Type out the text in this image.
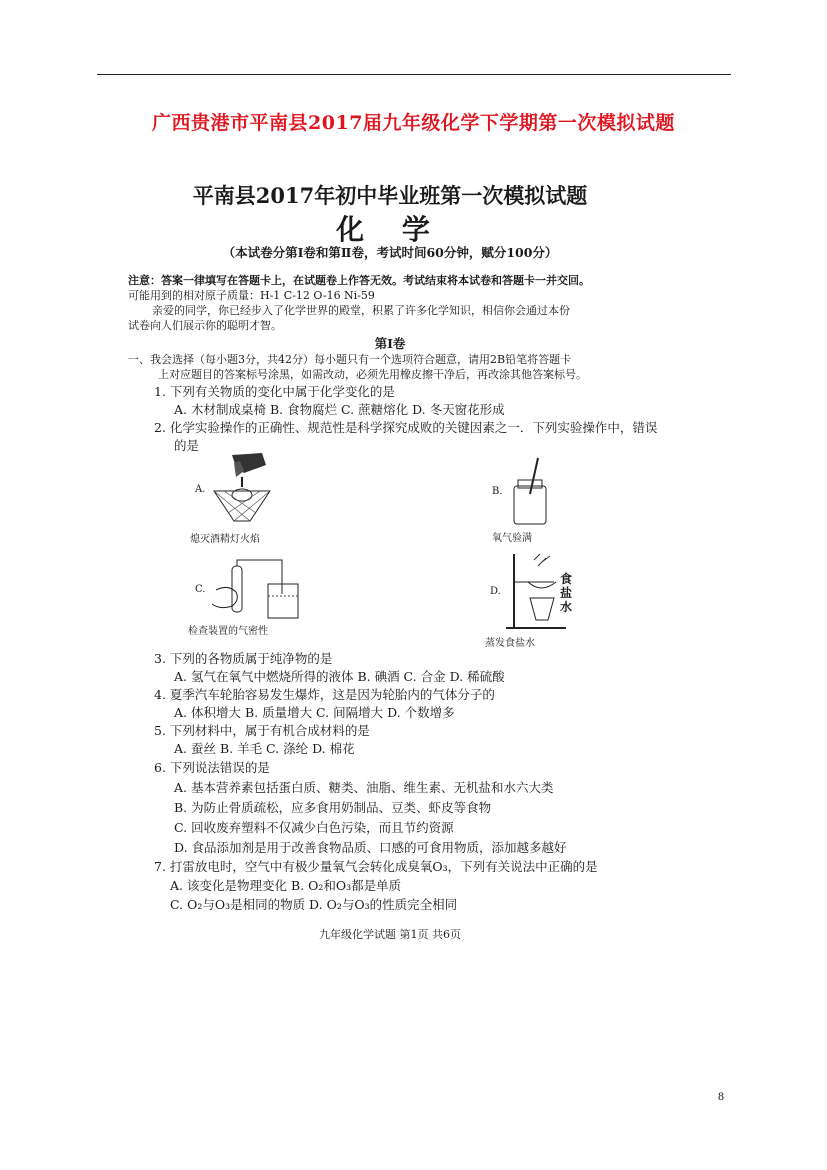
广西贵港市平南县2017届九年级化学下学期第一次模拟试题
平南县2017年初中毕业班第一次模拟试题
化 学
（本试卷分第Ⅰ卷和第Ⅱ卷，考试时间60分钟，赋分100分）
注意：答案一律填写在答题卡上，在试题卷上作答无效。考试结束将本试卷和答题卡一并交回。
可能用到的相对原子质量：H-1 C-12 O-16 Ni-59
亲爱的同学，你已经步入了化学世界的殿堂，积累了许多化学知识，相信你会通过本份
试卷向人们展示你的聪明才智。
第Ⅰ卷
一、我会选择（每小题3分，共42分）每小题只有一个选项符合题意，请用2B铅笔将答题卡
上对应题目的答案标号涂黑，如需改动，必须先用橡皮擦干净后，再改涂其他答案标号。
1. 下列有关物质的变化中属于化学变化的是
A. 木材制成桌椅 B. 食物腐烂 C. 蔗糖熔化 D. 冬天窗花形成
2. 化学实验操作的正确性、规范性是科学探究成败的关键因素之一．下列实验操作中，错误
的是
A.
熄灭酒精灯火焰
B.
氧气验满
C.
检查装置的气密性
D.
食盐水
蒸发食盐水
3. 下列的各物质属于纯净物的是
A. 氢气在氧气中燃烧所得的液体 B. 碘酒 C. 合金 D. 稀硫酸
4. 夏季汽车轮胎容易发生爆炸，这是因为轮胎内的气体分子的
A. 体积增大 B. 质量增大 C. 间隔增大 D. 个数增多
5. 下列材料中，属于有机合成材料的是
A. 蚕丝 B. 羊毛 C. 涤纶 D. 棉花
6. 下列说法错误的是
A. 基本营养素包括蛋白质、糖类、油脂、维生素、无机盐和水六大类
B. 为防止骨质疏松，应多食用奶制品、豆类、虾皮等食物
C. 回收废弃塑料不仅减少白色污染，而且节约资源
D. 食品添加剂是用于改善食物品质、口感的可食用物质，添加越多越好
7. 打雷放电时，空气中有极少量氧气会转化成臭氧O₃，下列有关说法中正确的是
A. 该变化是物理变化 B. O₂和O₃都是单质
C. O₂与O₃是相同的物质 D. O₂与O₃的性质完全相同
九年级化学试题 第1页 共6页
8
